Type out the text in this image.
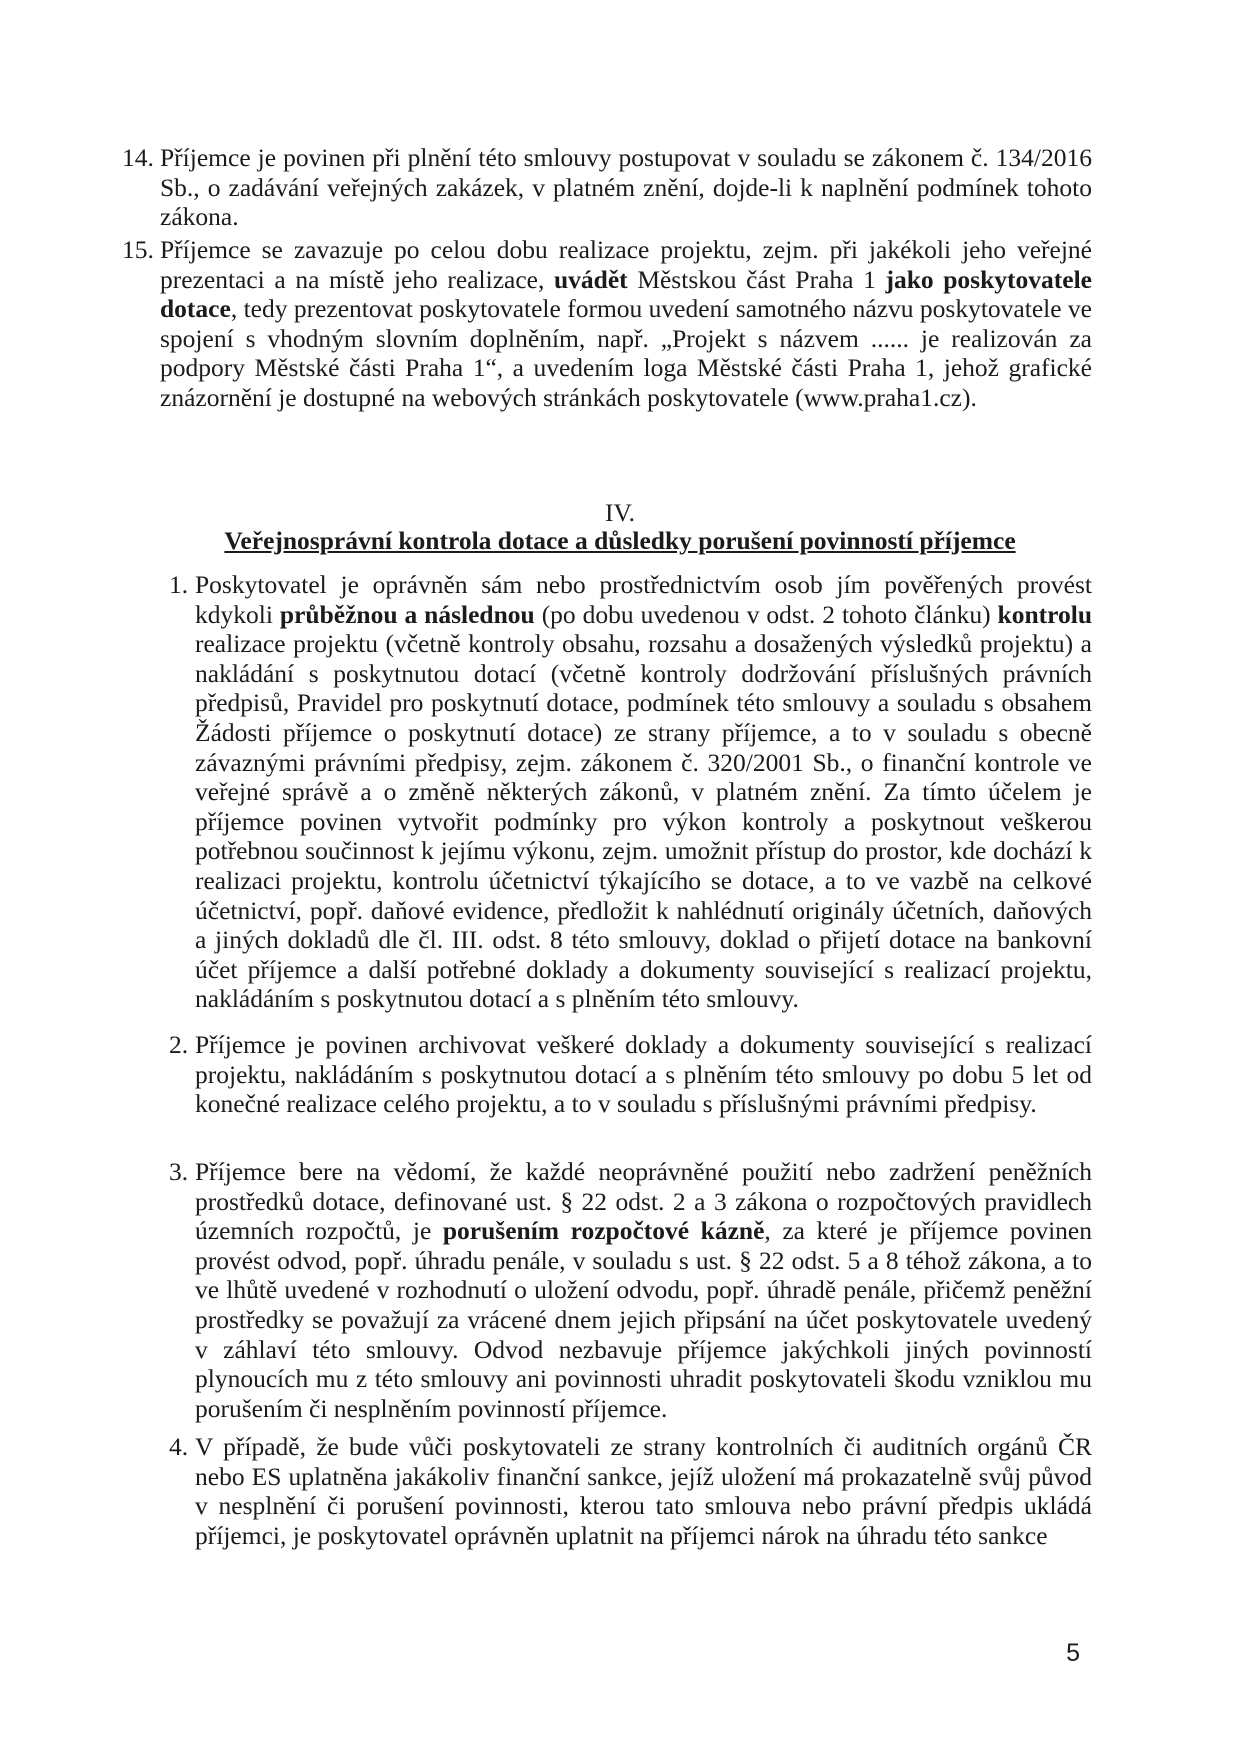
14. Příjemce je povinen při plnění této smlouvy postupovat v souladu se zákonem č. 134/2016 Sb., o zadávání veřejných zakázek, v platném znění, dojde-li k naplnění podmínek tohoto zákona.
15. Příjemce se zavazuje po celou dobu realizace projektu, zejm. při jakékoli jeho veřejné prezentaci a na místě jeho realizace, uvádět Městskou část Praha 1 jako poskytovatele dotace, tedy prezentovat poskytovatele formou uvedení samotného názvu poskytovatele ve spojení s vhodným slovním doplněním, např. „Projekt s názvem ...... je realizován za podpory Městské části Praha 1“, a uvedením loga Městské části Praha 1, jehož grafické znázornění je dostupné na webových stránkách poskytovatele (www.praha1.cz).
IV.
Veřejnosprávní kontrola dotace a důsledky porušení povinností příjemce
1. Poskytovatel je oprávněn sám nebo prostřednictvím osob jím pověřených provést kdykoli průběžnou a následnou (po dobu uvedenou v odst. 2 tohoto článku) kontrolu realizace projektu (včetně kontroly obsahu, rozsahu a dosažených výsledků projektu) a nakládání s poskytnutou dotací (včetně kontroly dodržování příslušných právních předpisů, Pravidel pro poskytnutí dotace, podmínek této smlouvy a souladu s obsahem Žádosti příjemce o poskytnutí dotace) ze strany příjemce, a to v souladu s obecně závaznými právními předpisy, zejm. zákonem č. 320/2001 Sb., o finanční kontrole ve veřejné správě a o změně některých zákonů, v platném znění. Za tímto účelem je příjemce povinen vytvořit podmínky pro výkon kontroly a poskytnout veškerou potřebnou součinnost k jejímu výkonu, zejm. umožnit přístup do prostor, kde dochází k realizaci projektu, kontrolu účetnictví týkajícího se dotace, a to ve vazbě na celkové účetnictví, popř. daňové evidence, předložit k nahlédnutí originály účetních, daňových a jiných dokladů dle čl. III. odst. 8 této smlouvy, doklad o přijetí dotace na bankovní účet příjemce a další potřebné doklady a dokumenty související s realizací projektu, nakládáním s poskytnutou dotací a s plněním této smlouvy.
2. Příjemce je povinen archivovat veškeré doklady a dokumenty související s realizací projektu, nakládáním s poskytnutou dotací a s plněním této smlouvy po dobu 5 let od konečné realizace celého projektu, a to v souladu s příslušnými právními předpisy.
3. Příjemce bere na vědomí, že každé neoprávněné použití nebo zadržení peněžních prostředků dotace, definované ust. § 22 odst. 2 a 3 zákona o rozpočtových pravidlech územních rozpočtů, je porušením rozpočtové kázně, za které je příjemce povinen provést odvod, popř. úhradu penále, v souladu s ust. § 22 odst. 5 a 8 téhož zákona, a to ve lhůtě uvedené v rozhodnutí o uložení odvodu, popř. úhradě penále, přičemž peněžní prostředky se považují za vrácené dnem jejich připsání na účet poskytovatele uvedený v záhlaví této smlouvy. Odvod nezbavuje příjemce jakýchkoli jiných povinností plynoucích mu z této smlouvy ani povinnosti uhradit poskytovateli škodu vzniklou mu porušením či nesplněním povinností příjemce.
4. V případě, že bude vůči poskytovateli ze strany kontrolních či auditních orgánů ČR nebo ES uplatněna jakákoliv finanční sankce, jejíž uložení má prokazatelně svůj původ v nesplnění či porušení povinnosti, kterou tato smlouva nebo právní předpis ukládá příjemci, je poskytovatel oprávněn uplatnit na příjemci nárok na úhradu této sankce
5
